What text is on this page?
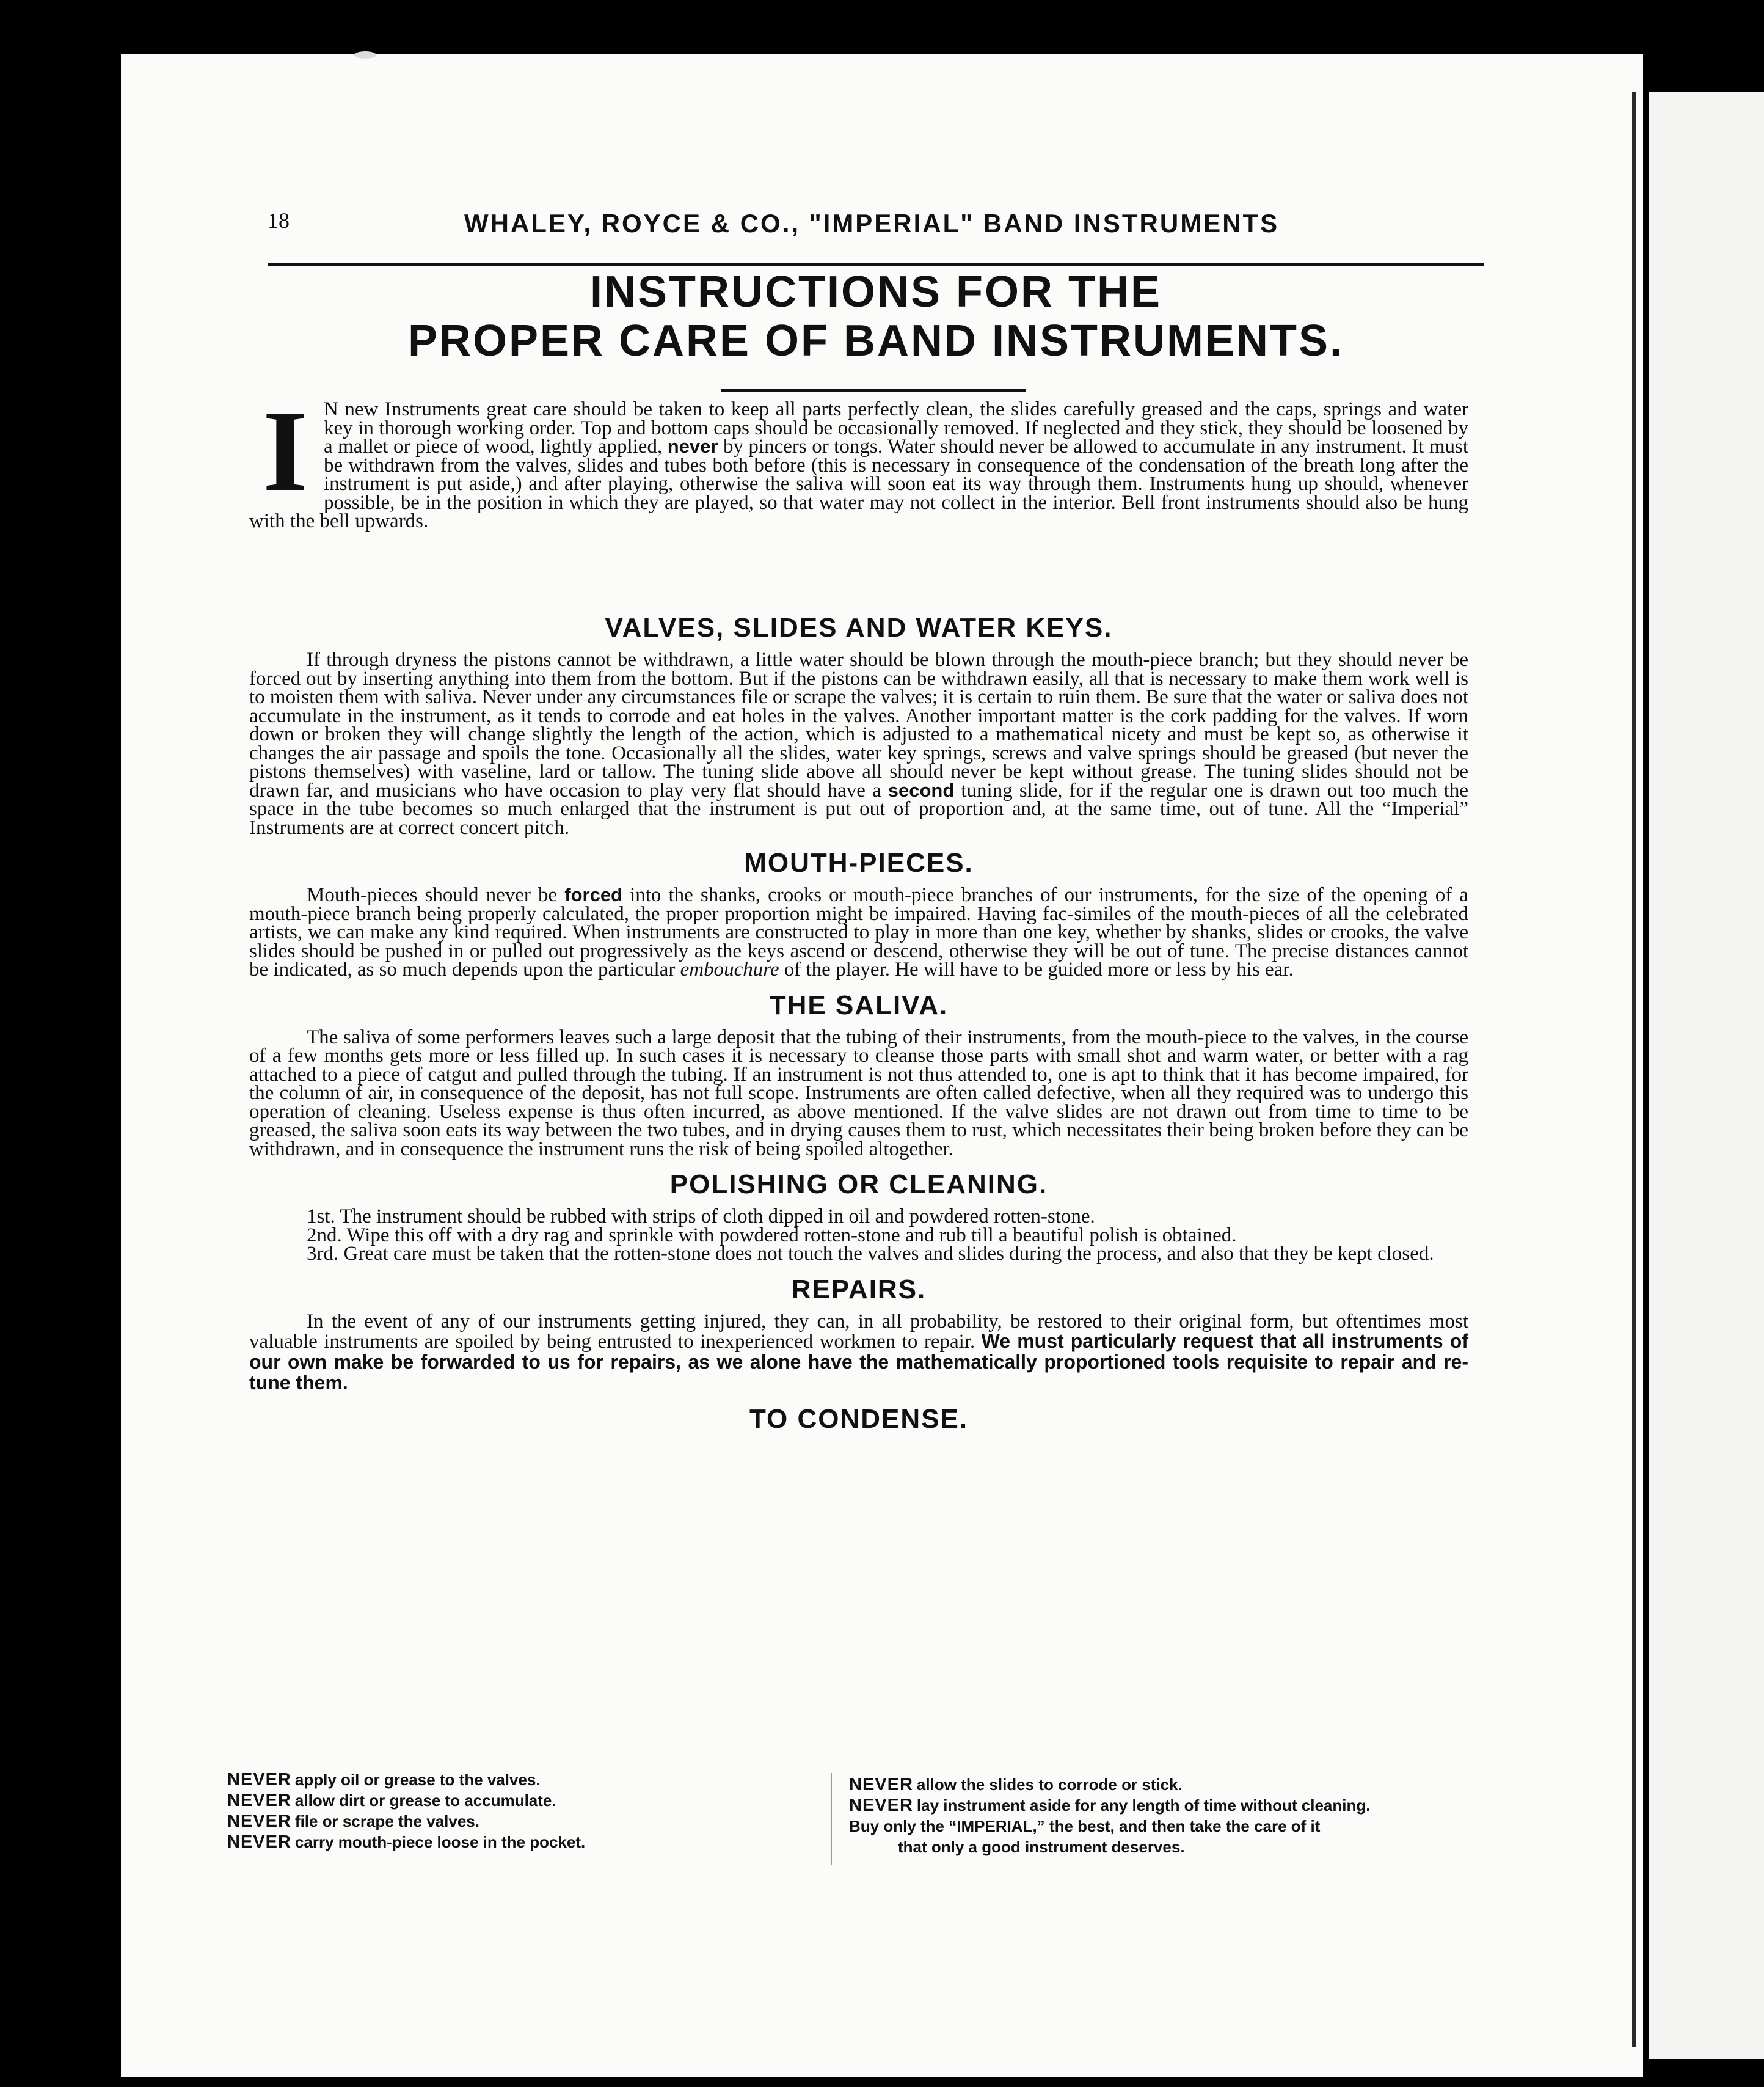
18	WHALEY, ROYCE & CO., "IMPERIAL" BAND INSTRUMENTS
INSTRUCTIONS FOR THE
PROPER CARE OF BAND INSTRUMENTS.

I N new Instruments great care should be taken to keep all parts perfectly clean, the slides carefully greased and the caps, springs and water key in thorough working order. Top and bottom caps should be occasionally removed. If neglected and they stick, they should be loosened by a mallet or piece of wood, lightly applied, never by pincers or tongs. Water should never be allowed to accumulate in any instrument. It must be withdrawn from the valves, slides and tubes both before (this is necessary in consequence of the condensation of the breath long after the instrument is put aside,) and after playing, otherwise the saliva will soon eat its way through them. Instruments hung up should, whenever possible, be in the position in which they are played, so that water may not collect in the interior. Bell front instruments should also be hung with the bell upwards.

VALVES, SLIDES AND WATER KEYS.

If through dryness the pistons cannot be withdrawn, a little water should be blown through the mouth-piece branch; but they should never be forced out by inserting anything into them from the bottom. But if the pistons can be withdrawn easily, all that is necessary to make them work well is to moisten them with saliva. Never under any circumstances file or scrape the valves; it is certain to ruin them. Be sure that the water or saliva does not accumulate in the instrument, as it tends to corrode and eat holes in the valves. Another important matter is the cork padding for the valves. If worn down or broken they will change slightly the length of the action, which is adjusted to a mathematical nicety and must be kept so, as otherwise it changes the air passage and spoils the tone. Occasionally all the slides, water key springs, screws and valve springs should be greased (but never the pistons themselves) with vaseline, lard or tallow. The tuning slide above all should never be kept without grease. The tuning slides should not be drawn far, and musicians who have occasion to play very flat should have a second tuning slide, for if the regular one is drawn out too much the space in the tube becomes so much enlarged that the instrument is put out of proportion and, at the same time, out of tune. All the “Imperial” Instruments are at correct concert pitch.

MOUTH-PIECES.

Mouth-pieces should never be forced into the shanks, crooks or mouth-piece branches of our instruments, for the size of the opening of a mouth-piece branch being properly calculated, the proper proportion might be impaired. Having fac-similes of the mouth-pieces of all the celebrated artists, we can make any kind required. When instruments are constructed to play in more than one key, whether by shanks, slides or crooks, the valve slides should be pushed in or pulled out progressively as the keys ascend or descend, otherwise they will be out of tune. The precise distances cannot be indicated, as so much depends upon the particular embouchure of the player. He will have to be guided more or less by his ear.

THE SALIVA.

The saliva of some performers leaves such a large deposit that the tubing of their instruments, from the mouth-piece to the valves, in the course of a few months gets more or less filled up. In such cases it is necessary to cleanse those parts with small shot and warm water, or better with a rag attached to a piece of catgut and pulled through the tubing. If an instrument is not thus attended to, one is apt to think that it has become impaired, for the column of air, in consequence of the deposit, has not full scope. Instruments are often called defective, when all they required was to undergo this operation of cleaning. Useless expense is thus often incurred, as above mentioned. If the valve slides are not drawn out from time to time to be greased, the saliva soon eats its way between the two tubes, and in drying causes them to rust, which necessitates their being broken before they can be withdrawn, and in consequence the instrument runs the risk of being spoiled altogether.

POLISHING OR CLEANING.

1st. The instrument should be rubbed with strips of cloth dipped in oil and powdered rotten-stone.

2nd. Wipe this off with a dry rag and sprinkle with powdered rotten-stone and rub till a beautiful polish is obtained.

3rd. Great care must be taken that the rotten-stone does not touch the valves and slides during the process, and also that they be kept closed.

REPAIRS.

In the event of any of our instruments getting injured, they can, in all probability, be restored to their original form, but oftentimes most valuable instruments are spoiled by being entrusted to inexperienced workmen to repair. We must particularly request that all instruments of our own make be forwarded to us for repairs, as we alone have the mathematically proportioned tools requisite to repair and re-tune them.

TO CONDENSE.
NEVER apply oil or grease to the valves.
NEVER allow dirt or grease to accumulate.
NEVER file or scrape the valves.
NEVER carry mouth-piece loose in the pocket.
NEVER allow the slides to corrode or stick.
NEVER lay instrument aside for any length of time without cleaning.
Buy only the “IMPERIAL,” the best, and then take the care of it
that only a good instrument deserves.
